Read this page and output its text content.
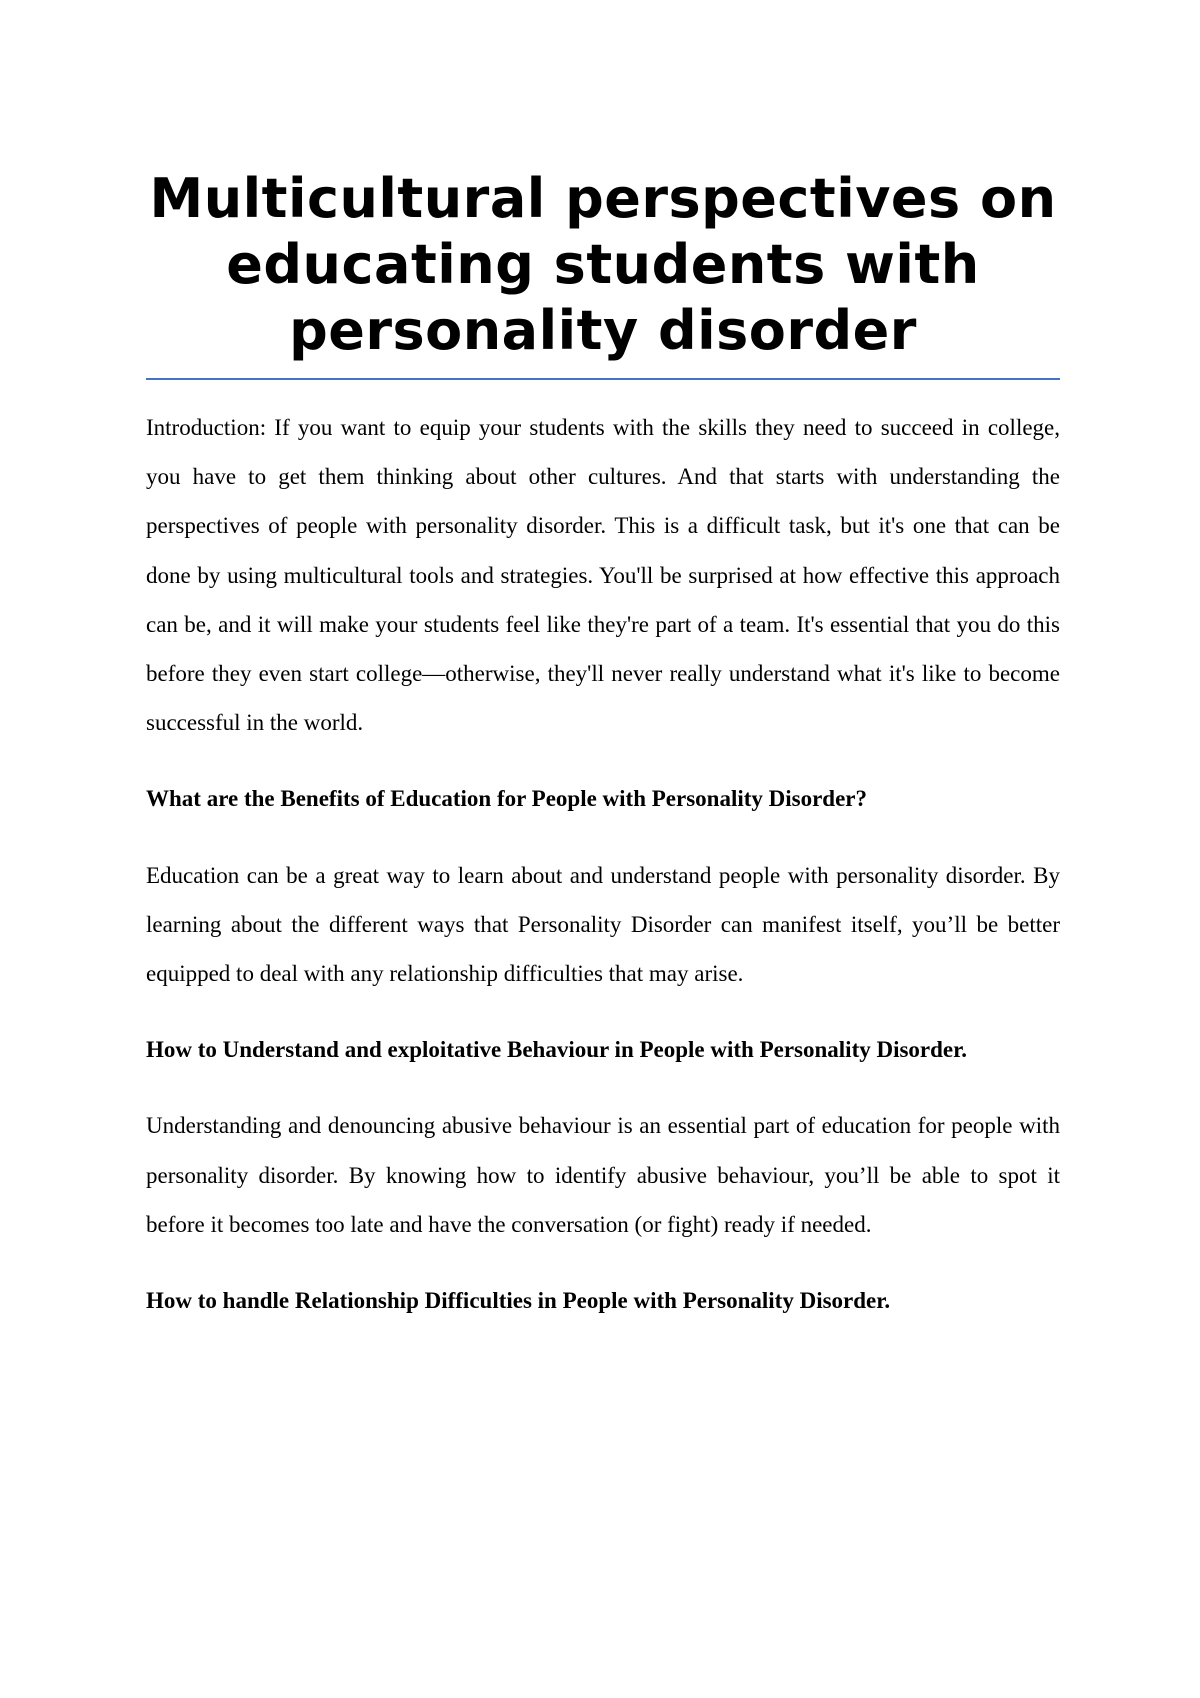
Multicultural perspectives on educating students with personality disorder

Introduction: If you want to equip your students with the skills they need to succeed in college, you have to get them thinking about other cultures. And that starts with understanding the perspectives of people with personality disorder. This is a difficult task, but it's one that can be done by using multicultural tools and strategies. You'll be surprised at how effective this approach can be, and it will make your students feel like they're part of a team. It's essential that you do this before they even start college—otherwise, they'll never really understand what it's like to become successful in the world.

What are the Benefits of Education for People with Personality Disorder?

Education can be a great way to learn about and understand people with personality disorder. By learning about the different ways that Personality Disorder can manifest itself, you’ll be better equipped to deal with any relationship difficulties that may arise.

How to Understand and exploitative Behaviour in People with Personality Disorder.

Understanding and denouncing abusive behaviour is an essential part of education for people with personality disorder. By knowing how to identify abusive behaviour, you’ll be able to spot it before it becomes too late and have the conversation (or fight) ready if needed.

How to handle Relationship Difficulties in People with Personality Disorder.
